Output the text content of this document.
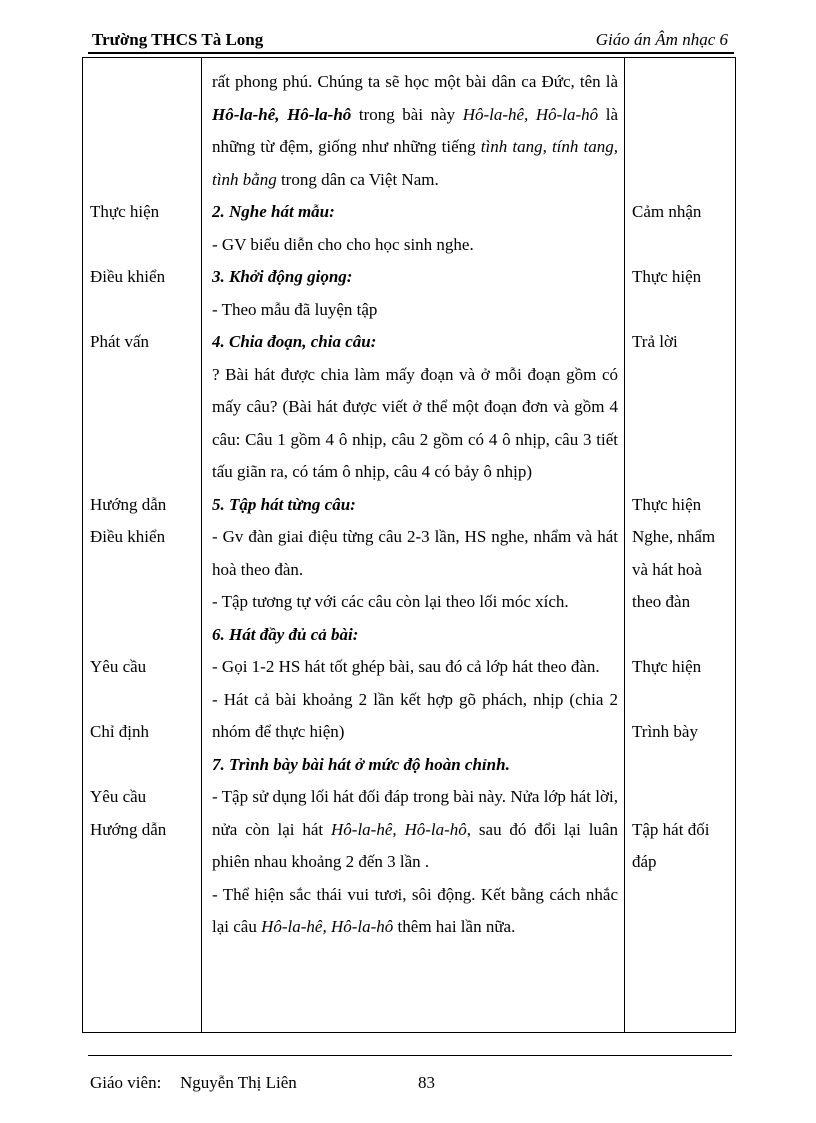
Trường THCS Tà Long	Giáo án Âm nhạc 6
Thực hiện
Điều khiển
Phát vấn
Hướng dẫn
Điều khiển
Yêu cầu
Chỉ định
Yêu cầu
Hướng dẫn
Cảm nhận
Thực hiện
Trả lời
Thực hiện
Nghe, nhẩm
và hát hoà
theo đàn
Thực hiện
Trình bày
Tập hát đối
đáp
rất phong phú. Chúng ta sẽ học một bài dân ca Đức, tên là Hô-la-hê, Hô-la-hô trong bài này Hô-la-hê, Hô-la-hô là những từ đệm, giống như những tiếng tình tang, tính tang, tình bằng trong dân ca Việt Nam.
2. Nghe hát mẫu:
- GV biểu diễn cho cho học sinh nghe.
3. Khởi động giọng:
- Theo mẫu đã luyện tập
4. Chia đoạn, chia câu:
? Bài hát được chia làm mấy đoạn và ở mỗi đoạn gồm có mấy câu? (Bài hát được viết ở thể một đoạn đơn và gồm 4 câu: Câu 1 gồm 4 ô nhịp, câu 2 gồm có 4 ô nhịp, câu 3 tiết tấu giãn ra, có tám ô nhịp, câu 4 có bảy ô nhịp)
5. Tập hát từng câu:
- Gv đàn giai điệu từng câu 2-3 lần, HS nghe, nhẩm và hát hoà theo đàn.
- Tập tương tự với các câu còn lại theo lối móc xích.
6. Hát đầy đủ cả bài:
- Gọi 1-2 HS hát tốt ghép bài, sau đó cả lớp hát theo đàn.
- Hát cả bài khoảng 2 lần kết hợp gõ phách, nhịp (chia 2 nhóm để thực hiện)
7. Trình bày bài hát ở mức độ hoàn chỉnh.
- Tập sử dụng lối hát đối đáp trong bài này. Nửa lớp hát lời, nửa còn lại hát Hô-la-hê, Hô-la-hô, sau đó đổi lại luân phiên nhau khoảng 2 đến 3 lần .
- Thể hiện sắc thái vui tươi, sôi động. Kết bằng cách nhắc lại câu Hô-la-hê, Hô-la-hô thêm hai lần nữa.
Giáo viên: Nguyễn Thị Liên	83
